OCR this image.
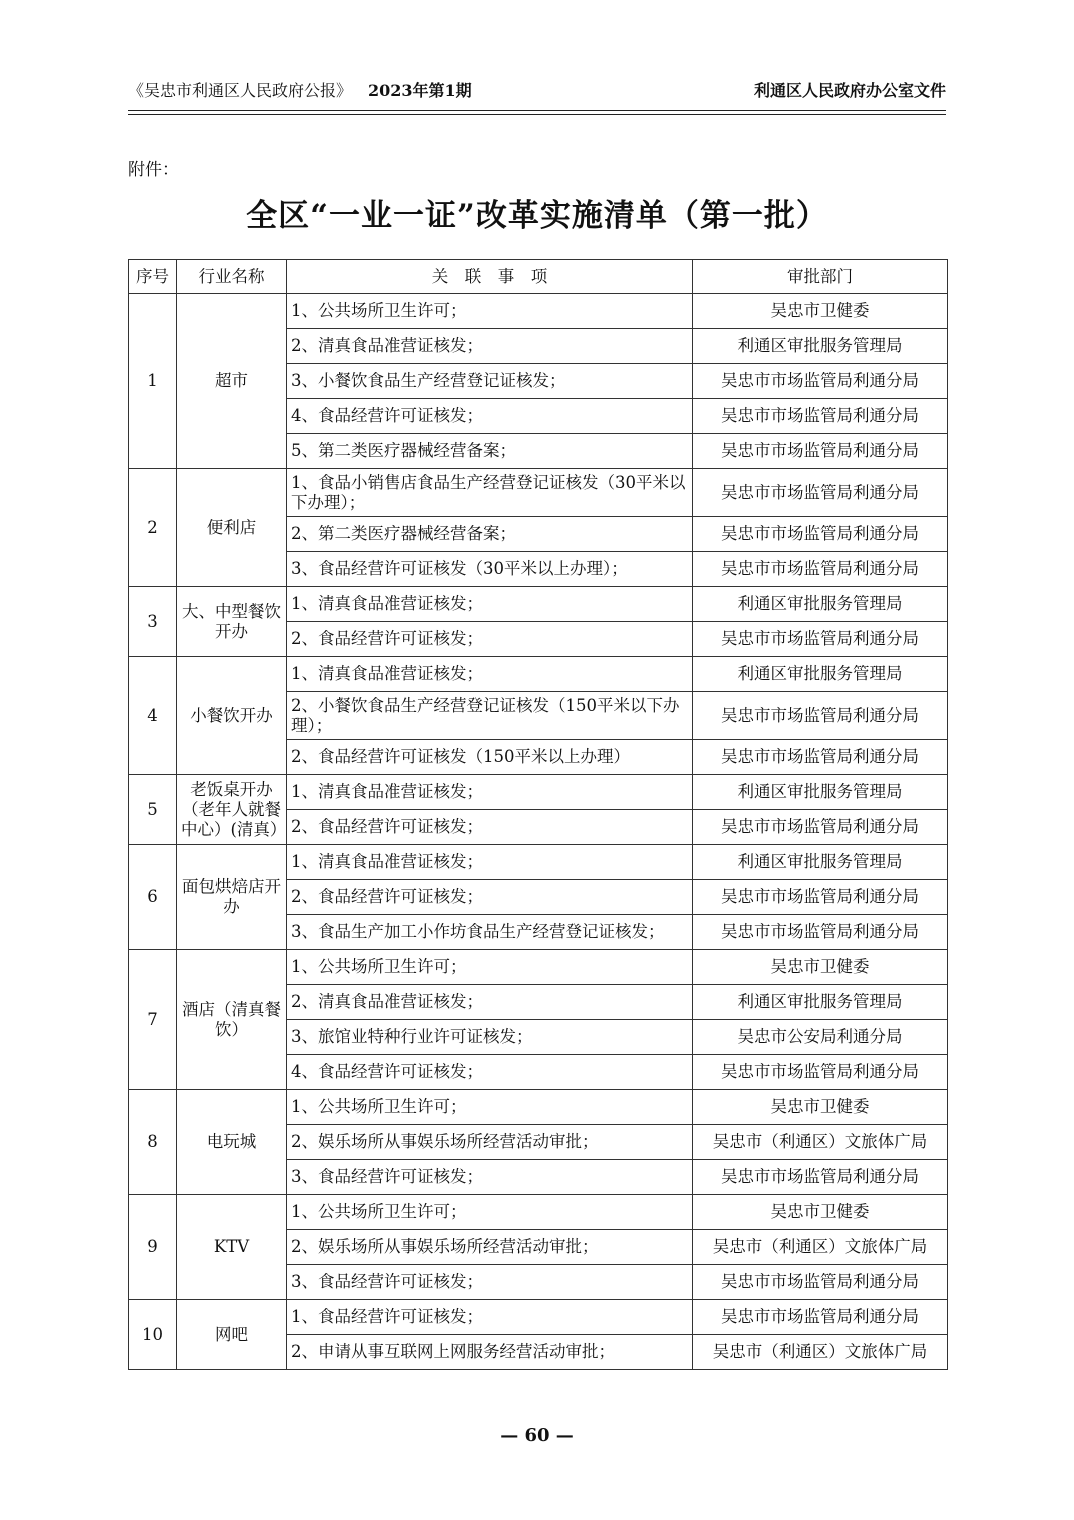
《吴忠市利通区人民政府公报》 2023年第1期	利通区人民政府办公室文件
附件：
全区“一业一证”改革实施清单（第一批）
序号	行业名称	关　联　事　项	审批部门
1	超市	1、公共场所卫生许可；	吴忠市卫健委
		2、清真食品准营证核发；	利通区审批服务管理局
		3、小餐饮食品生产经营登记证核发；	吴忠市市场监管局利通分局
		4、食品经营许可证核发；	吴忠市市场监管局利通分局
		5、第二类医疗器械经营备案；	吴忠市市场监管局利通分局
2	便利店	1、食品小销售店食品生产经营登记证核发（30平米以下办理）；	吴忠市市场监管局利通分局
		2、第二类医疗器械经营备案；	吴忠市市场监管局利通分局
		3、食品经营许可证核发（30平米以上办理）；	吴忠市市场监管局利通分局
3	大、中型餐饮开办	1、清真食品准营证核发；	利通区审批服务管理局
		2、食品经营许可证核发；	吴忠市市场监管局利通分局
4	小餐饮开办	1、清真食品准营证核发；	利通区审批服务管理局
		2、小餐饮食品生产经营登记证核发（150平米以下办理）；	吴忠市市场监管局利通分局
		2、食品经营许可证核发（150平米以上办理）	吴忠市市场监管局利通分局
5	老饭桌开办（老年人就餐中心）(清真）	1、清真食品准营证核发；	利通区审批服务管理局
		2、食品经营许可证核发；	吴忠市市场监管局利通分局
6	面包烘焙店开办	1、清真食品准营证核发；	利通区审批服务管理局
		2、食品经营许可证核发；	吴忠市市场监管局利通分局
		3、食品生产加工小作坊食品生产经营登记证核发；	吴忠市市场监管局利通分局
7	酒店（清真餐饮）	1、公共场所卫生许可；	吴忠市卫健委
		2、清真食品准营证核发；	利通区审批服务管理局
		3、旅馆业特种行业许可证核发；	吴忠市公安局利通分局
		4、食品经营许可证核发；	吴忠市市场监管局利通分局
8	电玩城	1、公共场所卫生许可；	吴忠市卫健委
		2、娱乐场所从事娱乐场所经营活动审批；	吴忠市（利通区）文旅体广局
		3、食品经营许可证核发；	吴忠市市场监管局利通分局
9	KTV	1、公共场所卫生许可；	吴忠市卫健委
		2、娱乐场所从事娱乐场所经营活动审批；	吴忠市（利通区）文旅体广局
		3、食品经营许可证核发；	吴忠市市场监管局利通分局
10	网吧	1、食品经营许可证核发；	吴忠市市场监管局利通分局
		2、申请从事互联网上网服务经营活动审批；	吴忠市（利通区）文旅体广局
— 60 —
